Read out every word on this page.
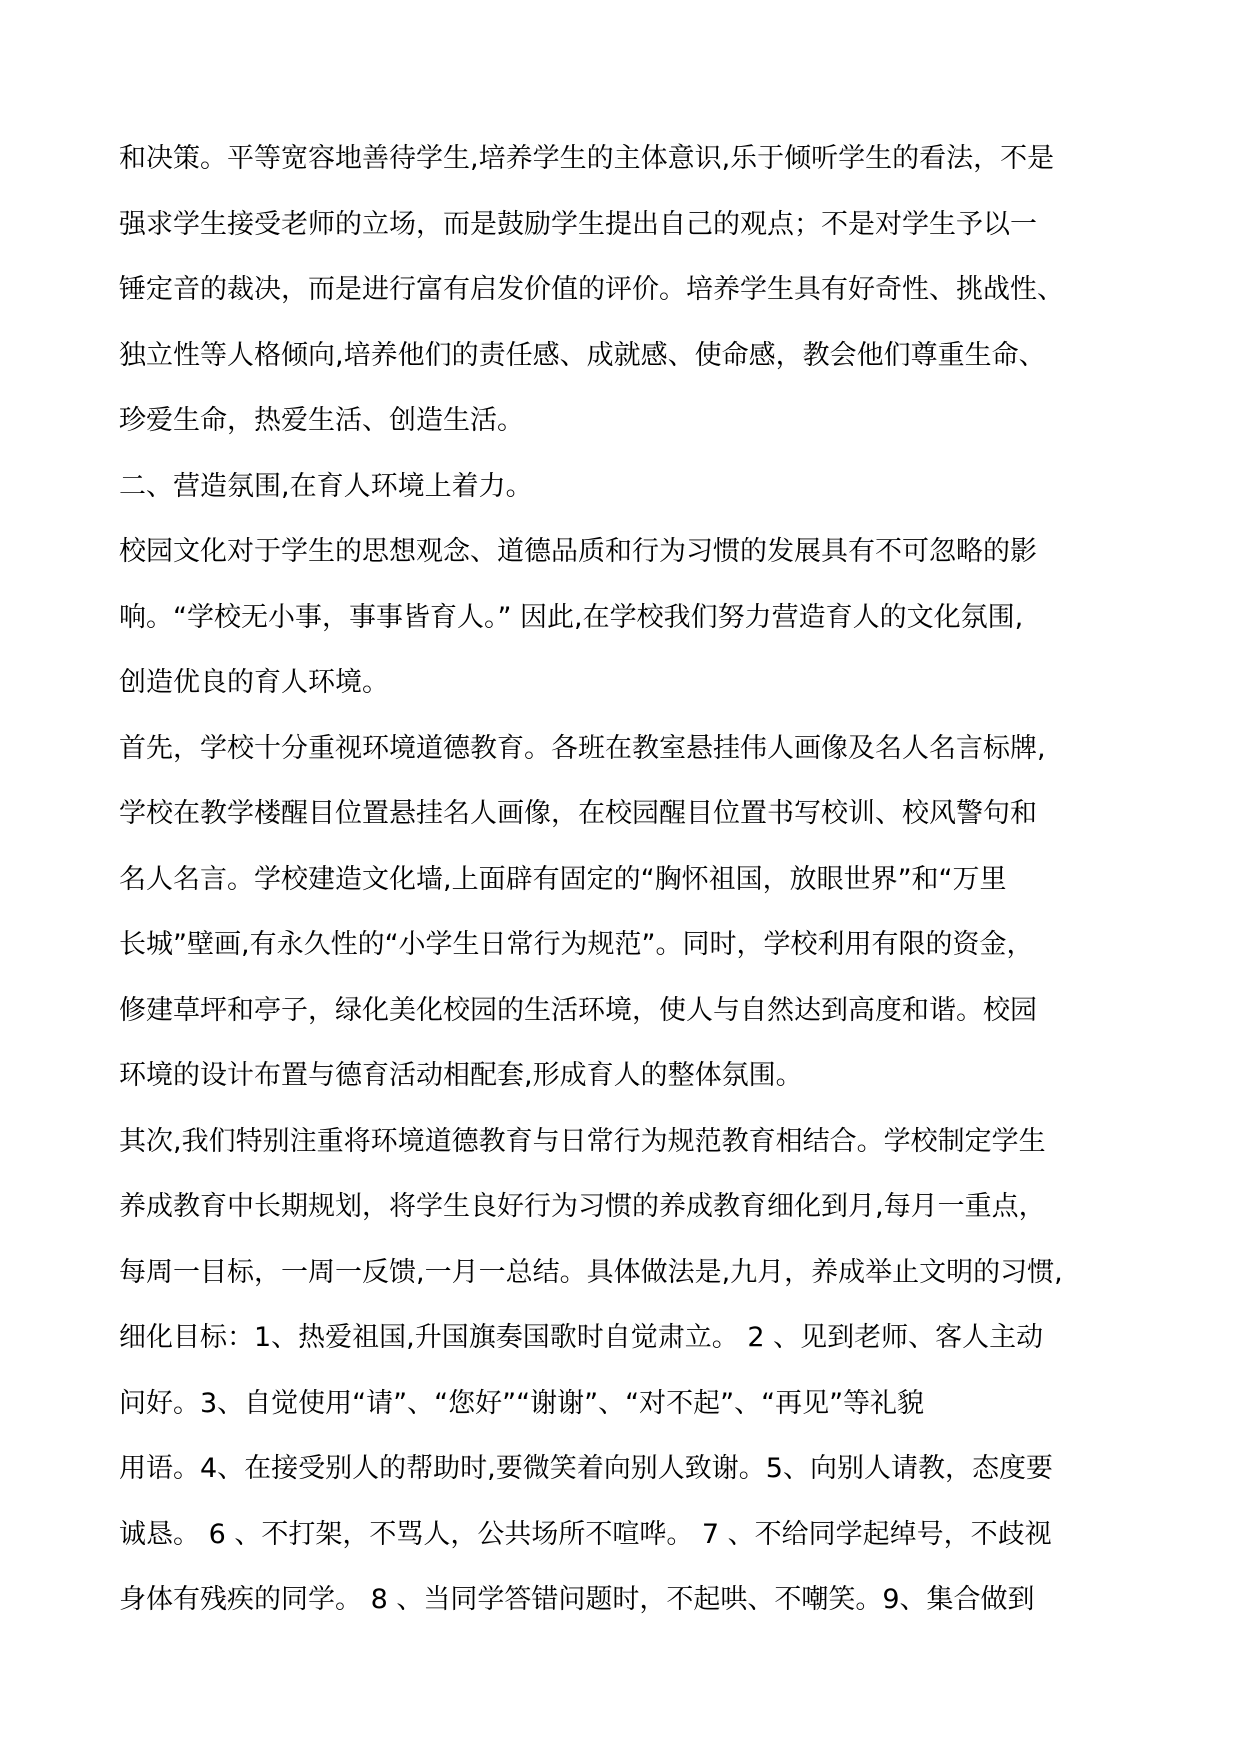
和决策。平等宽容地善待学生,培养学生的主体意识,乐于倾听学生的看法，不是
强求学生接受老师的立场，而是鼓励学生提出自己的观点；不是对学生予以一
锤定音的裁决，而是进行富有启发价值的评价。培养学生具有好奇性、挑战性、
独立性等人格倾向,培养他们的责任感、成就感、使命感，教会他们尊重生命、
珍爱生命，热爱生活、创造生活。
二、营造氛围,在育人环境上着力。
校园文化对于学生的思想观念、道德品质和行为习惯的发展具有不可忽略的影
响。“学校无小事，事事皆育人。” 因此,在学校我们努力营造育人的文化氛围,
创造优良的育人环境。
首先，学校十分重视环境道德教育。各班在教室悬挂伟人画像及名人名言标牌,
学校在教学楼醒目位置悬挂名人画像，在校园醒目位置书写校训、校风警句和
名人名言。学校建造文化墙,上面辟有固定的“胸怀祖国，放眼世界”和“万里
长城”壁画,有永久性的“小学生日常行为规范”。同时，学校利用有限的资金，
修建草坪和亭子，绿化美化校园的生活环境，使人与自然达到高度和谐。校园
环境的设计布置与德育活动相配套,形成育人的整体氛围。
其次,我们特别注重将环境道德教育与日常行为规范教育相结合。学校制定学生
养成教育中长期规划，将学生良好行为习惯的养成教育细化到月,每月一重点，
每周一目标，一周一反馈,一月一总结。具体做法是,九月，养成举止文明的习惯,
细化目标：1、热爱祖国,升国旗奏国歌时自觉肃立。 2 、见到老师、客人主动
问好。3、自觉使用“请”、“您好”“谢谢”、“对不起”、“再见”等礼貌
用语。4、在接受别人的帮助时,要微笑着向别人致谢。5、向别人请教，态度要
诚恳。 6 、不打架，不骂人，公共场所不喧哗。 7 、不给同学起绰号，不歧视
身体有残疾的同学。 8 、当同学答错问题时，不起哄、不嘲笑。9、集合做到
